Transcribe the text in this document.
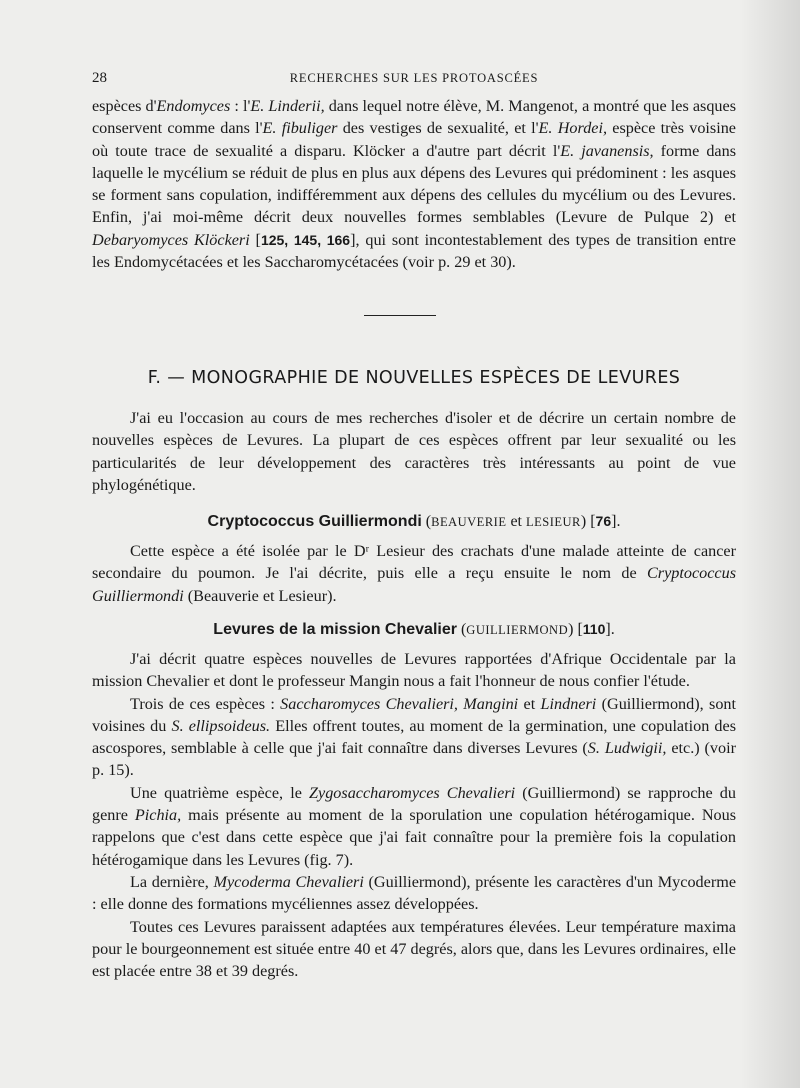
28	RECHERCHES SUR LES PROTOASCÉES

espèces d'Endomyces : l'E. Linderii, dans lequel notre élève, M. Mangenot, a montré que les asques conservent comme dans l'E. fibuliger des vestiges de sexualité, et l'E. Hordei, espèce très voisine où toute trace de sexualité a disparu. Klöcker a d'autre part décrit l'E. javanensis, forme dans laquelle le mycélium se réduit de plus en plus aux dépens des Levures qui prédominent : les asques se forment sans copulation, indifféremment aux dépens des cellules du mycélium ou des Levures. Enfin, j'ai moi-même décrit deux nouvelles formes semblables (Levure de Pulque 2) et Debaryomyces Klöckeri [125, 145, 166], qui sont incontestablement des types de transition entre les Endomycétacées et les Saccharomycétacées (voir p. 29 et 30).

F. — MONOGRAPHIE DE NOUVELLES ESPÈCES DE LEVURES

J'ai eu l'occasion au cours de mes recherches d'isoler et de décrire un certain nombre de nouvelles espèces de Levures. La plupart de ces espèces offrent par leur sexualité ou les particularités de leur développement des caractères très intéressants au point de vue phylogénétique.

Cryptococcus Guilliermondi (BEAUVERIE et LESIEUR) [76].

Cette espèce a été isolée par le Dʳ Lesieur des crachats d'une malade atteinte de cancer secondaire du poumon. Je l'ai décrite, puis elle a reçu ensuite le nom de Cryptococcus Guilliermondi (Beauverie et Lesieur).

Levures de la mission Chevalier (GUILLIERMOND) [110].

J'ai décrit quatre espèces nouvelles de Levures rapportées d'Afrique Occidentale par la mission Chevalier et dont le professeur Mangin nous a fait l'honneur de nous confier l'étude.

Trois de ces espèces : Saccharomyces Chevalieri, Mangini et Lindneri (Guilliermond), sont voisines du S. ellipsoideus. Elles offrent toutes, au moment de la germination, une copulation des ascospores, semblable à celle que j'ai fait connaître dans diverses Levures (S. Ludwigii, etc.) (voir p. 15).

Une quatrième espèce, le Zygosaccharomyces Chevalieri (Guilliermond) se rapproche du genre Pichia, mais présente au moment de la sporulation une copulation hétérogamique. Nous rappelons que c'est dans cette espèce que j'ai fait connaître pour la première fois la copulation hétérogamique dans les Levures (fig. 7).

La dernière, Mycoderma Chevalieri (Guilliermond), présente les caractères d'un Mycoderme : elle donne des formations mycéliennes assez développées.

Toutes ces Levures paraissent adaptées aux températures élevées. Leur température maxima pour le bourgeonnement est située entre 40 et 47 degrés, alors que, dans les Levures ordinaires, elle est placée entre 38 et 39 degrés.
